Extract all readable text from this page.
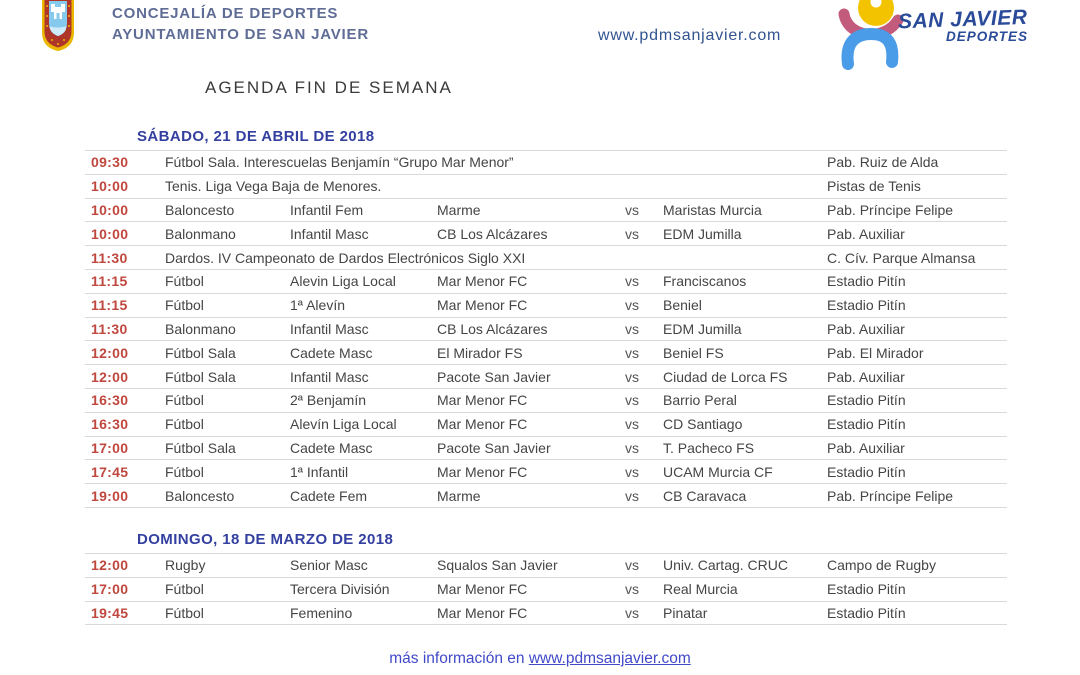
CONCEJALÍA DE DEPORTES
AYUNTAMIENTO DE SAN JAVIER	www.pdmsanjavier.com
SAN JAVIER
DEPORTES
AGENDA FIN DE SEMANA
SÁBADO, 21 DE ABRIL DE 2018
09:30	Fútbol Sala. Interescuelas Benjamín “Grupo Mar Menor”	Pab. Ruiz de Alda
10:00	Tenis. Liga Vega Baja de Menores.	Pistas de Tenis
10:00	Baloncesto	Infantil Fem	Marme	vs	Maristas Murcia	Pab. Príncipe Felipe
10:00	Balonmano	Infantil Masc	CB Los Alcázares	vs	EDM Jumilla	Pab. Auxiliar
11:30	Dardos. IV Campeonato de Dardos Electrónicos Siglo XXI	C. Cív. Parque Almansa
11:15	Fútbol	Alevin Liga Local	Mar Menor FC	vs	Franciscanos	Estadio Pitín
11:15	Fútbol	1ª Alevín	Mar Menor FC	vs	Beniel	Estadio Pitín
11:30	Balonmano	Infantil Masc	CB Los Alcázares	vs	EDM Jumilla	Pab. Auxiliar
12:00	Fútbol Sala	Cadete Masc	El Mirador FS	vs	Beniel FS	Pab. El Mirador
12:00	Fútbol Sala	Infantil Masc	Pacote San Javier	vs	Ciudad de Lorca FS	Pab. Auxiliar
16:30	Fútbol	2ª Benjamín	Mar Menor FC	vs	Barrio Peral	Estadio Pitín
16:30	Fútbol	Alevín Liga Local	Mar Menor FC	vs	CD Santiago	Estadio Pitín
17:00	Fútbol Sala	Cadete Masc	Pacote San Javier	vs	T. Pacheco FS	Pab. Auxiliar
17:45	Fútbol	1ª Infantil	Mar Menor FC	vs	UCAM Murcia CF	Estadio Pitín
19:00	Baloncesto	Cadete Fem	Marme	vs	CB Caravaca	Pab. Príncipe Felipe
DOMINGO, 18 DE MARZO DE 2018
12:00	Rugby	Senior Masc	Squalos San Javier	vs	Univ. Cartag. CRUC	Campo de Rugby
17:00	Fútbol	Tercera División	Mar Menor FC	vs	Real Murcia	Estadio Pitín
19:45	Fútbol	Femenino	Mar Menor FC	vs	Pinatar	Estadio Pitín
más información en www.pdmsanjavier.com
